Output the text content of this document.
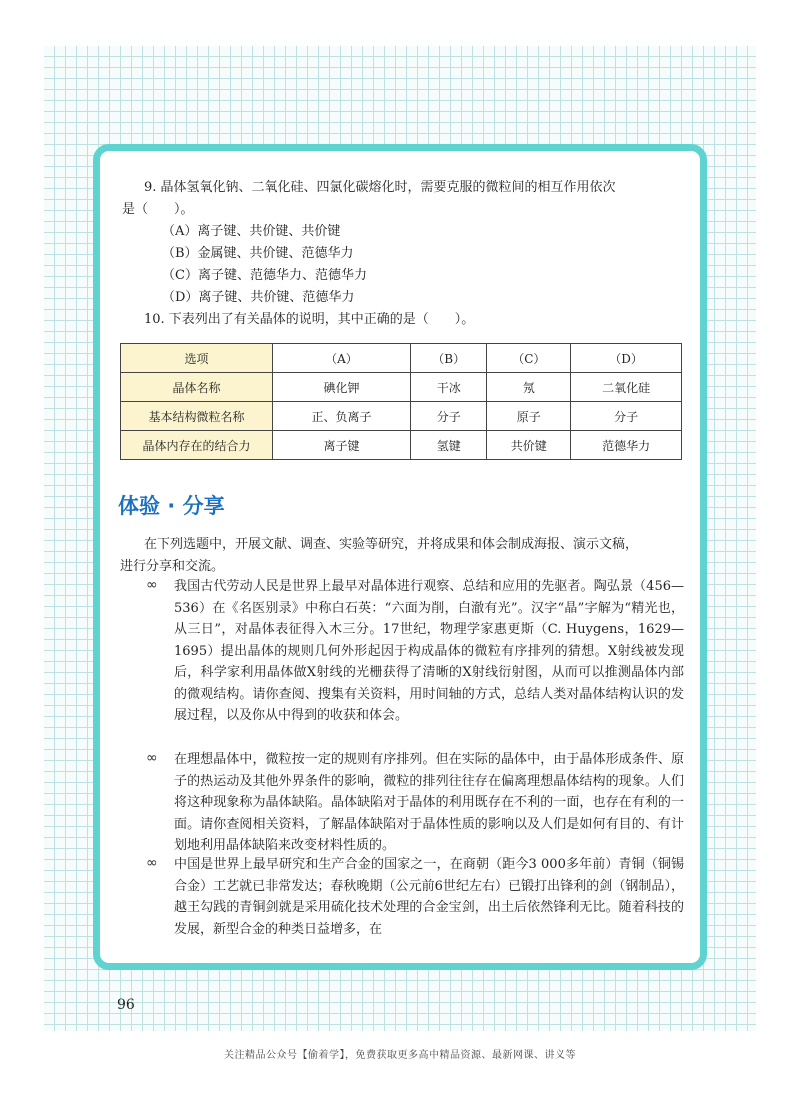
9. 晶体氢氧化钠、二氧化硅、四氯化碳熔化时，需要克服的微粒间的相互作用依次
是（　　）。
（A）离子键、共价键、共价键
（B）金属键、共价键、范德华力
（C）离子键、范德华力、范德华力
（D）离子键、共价键、范德华力
10. 下表列出了有关晶体的说明，其中正确的是（　　）。
选项	（A）	（B）	（C）	（D）
晶体名称	碘化钾	干冰	氖	二氧化硅
基本结构微粒名称	正、负离子	分子	原子	分子
晶体内存在的结合力	离子键	氢键	共价键	范德华力
体验 · 分享
在下列选题中，开展文献、调查、实验等研究，并将成果和体会制成海报、演示文稿，
进行分享和交流。
∞ 我国古代劳动人民是世界上最早对晶体进行观察、总结和应用的先驱者。陶弘景（456—536）在《名医别录》中称白石英：“六面为削，白澈有光”。汉字“晶”字解为“精光也，从三日”，对晶体表征得入木三分。17世纪，物理学家惠更斯（C. Huygens，1629—1695）提出晶体的规则几何外形起因于构成晶体的微粒有序排列的猜想。X射线被发现后，科学家利用晶体做X射线的光栅获得了清晰的X射线衍射图，从而可以推测晶体内部的微观结构。请你查阅、搜集有关资料，用时间轴的方式，总结人类对晶体结构认识的发展过程，以及你从中得到的收获和体会。
∞ 在理想晶体中，微粒按一定的规则有序排列。但在实际的晶体中，由于晶体形成条件、原子的热运动及其他外界条件的影响，微粒的排列往往存在偏离理想晶体结构的现象。人们将这种现象称为晶体缺陷。晶体缺陷对于晶体的利用既存在不利的一面，也存在有利的一面。请你查阅相关资料，了解晶体缺陷对于晶体性质的影响以及人们是如何有目的、有计划地利用晶体缺陷来改变材料性质的。
∞ 中国是世界上最早研究和生产合金的国家之一，在商朝（距今3 000多年前）青铜（铜锡合金）工艺就已非常发达；春秋晚期（公元前6世纪左右）已锻打出锋利的剑（钢制品），越王勾践的青铜剑就是采用硫化技术处理的合金宝剑，出土后依然锋利无比。随着科技的发展，新型合金的种类日益增多，在
96
关注精品公众号【偷着学】，免费获取更多高中精品资源、最新网课、讲义等
